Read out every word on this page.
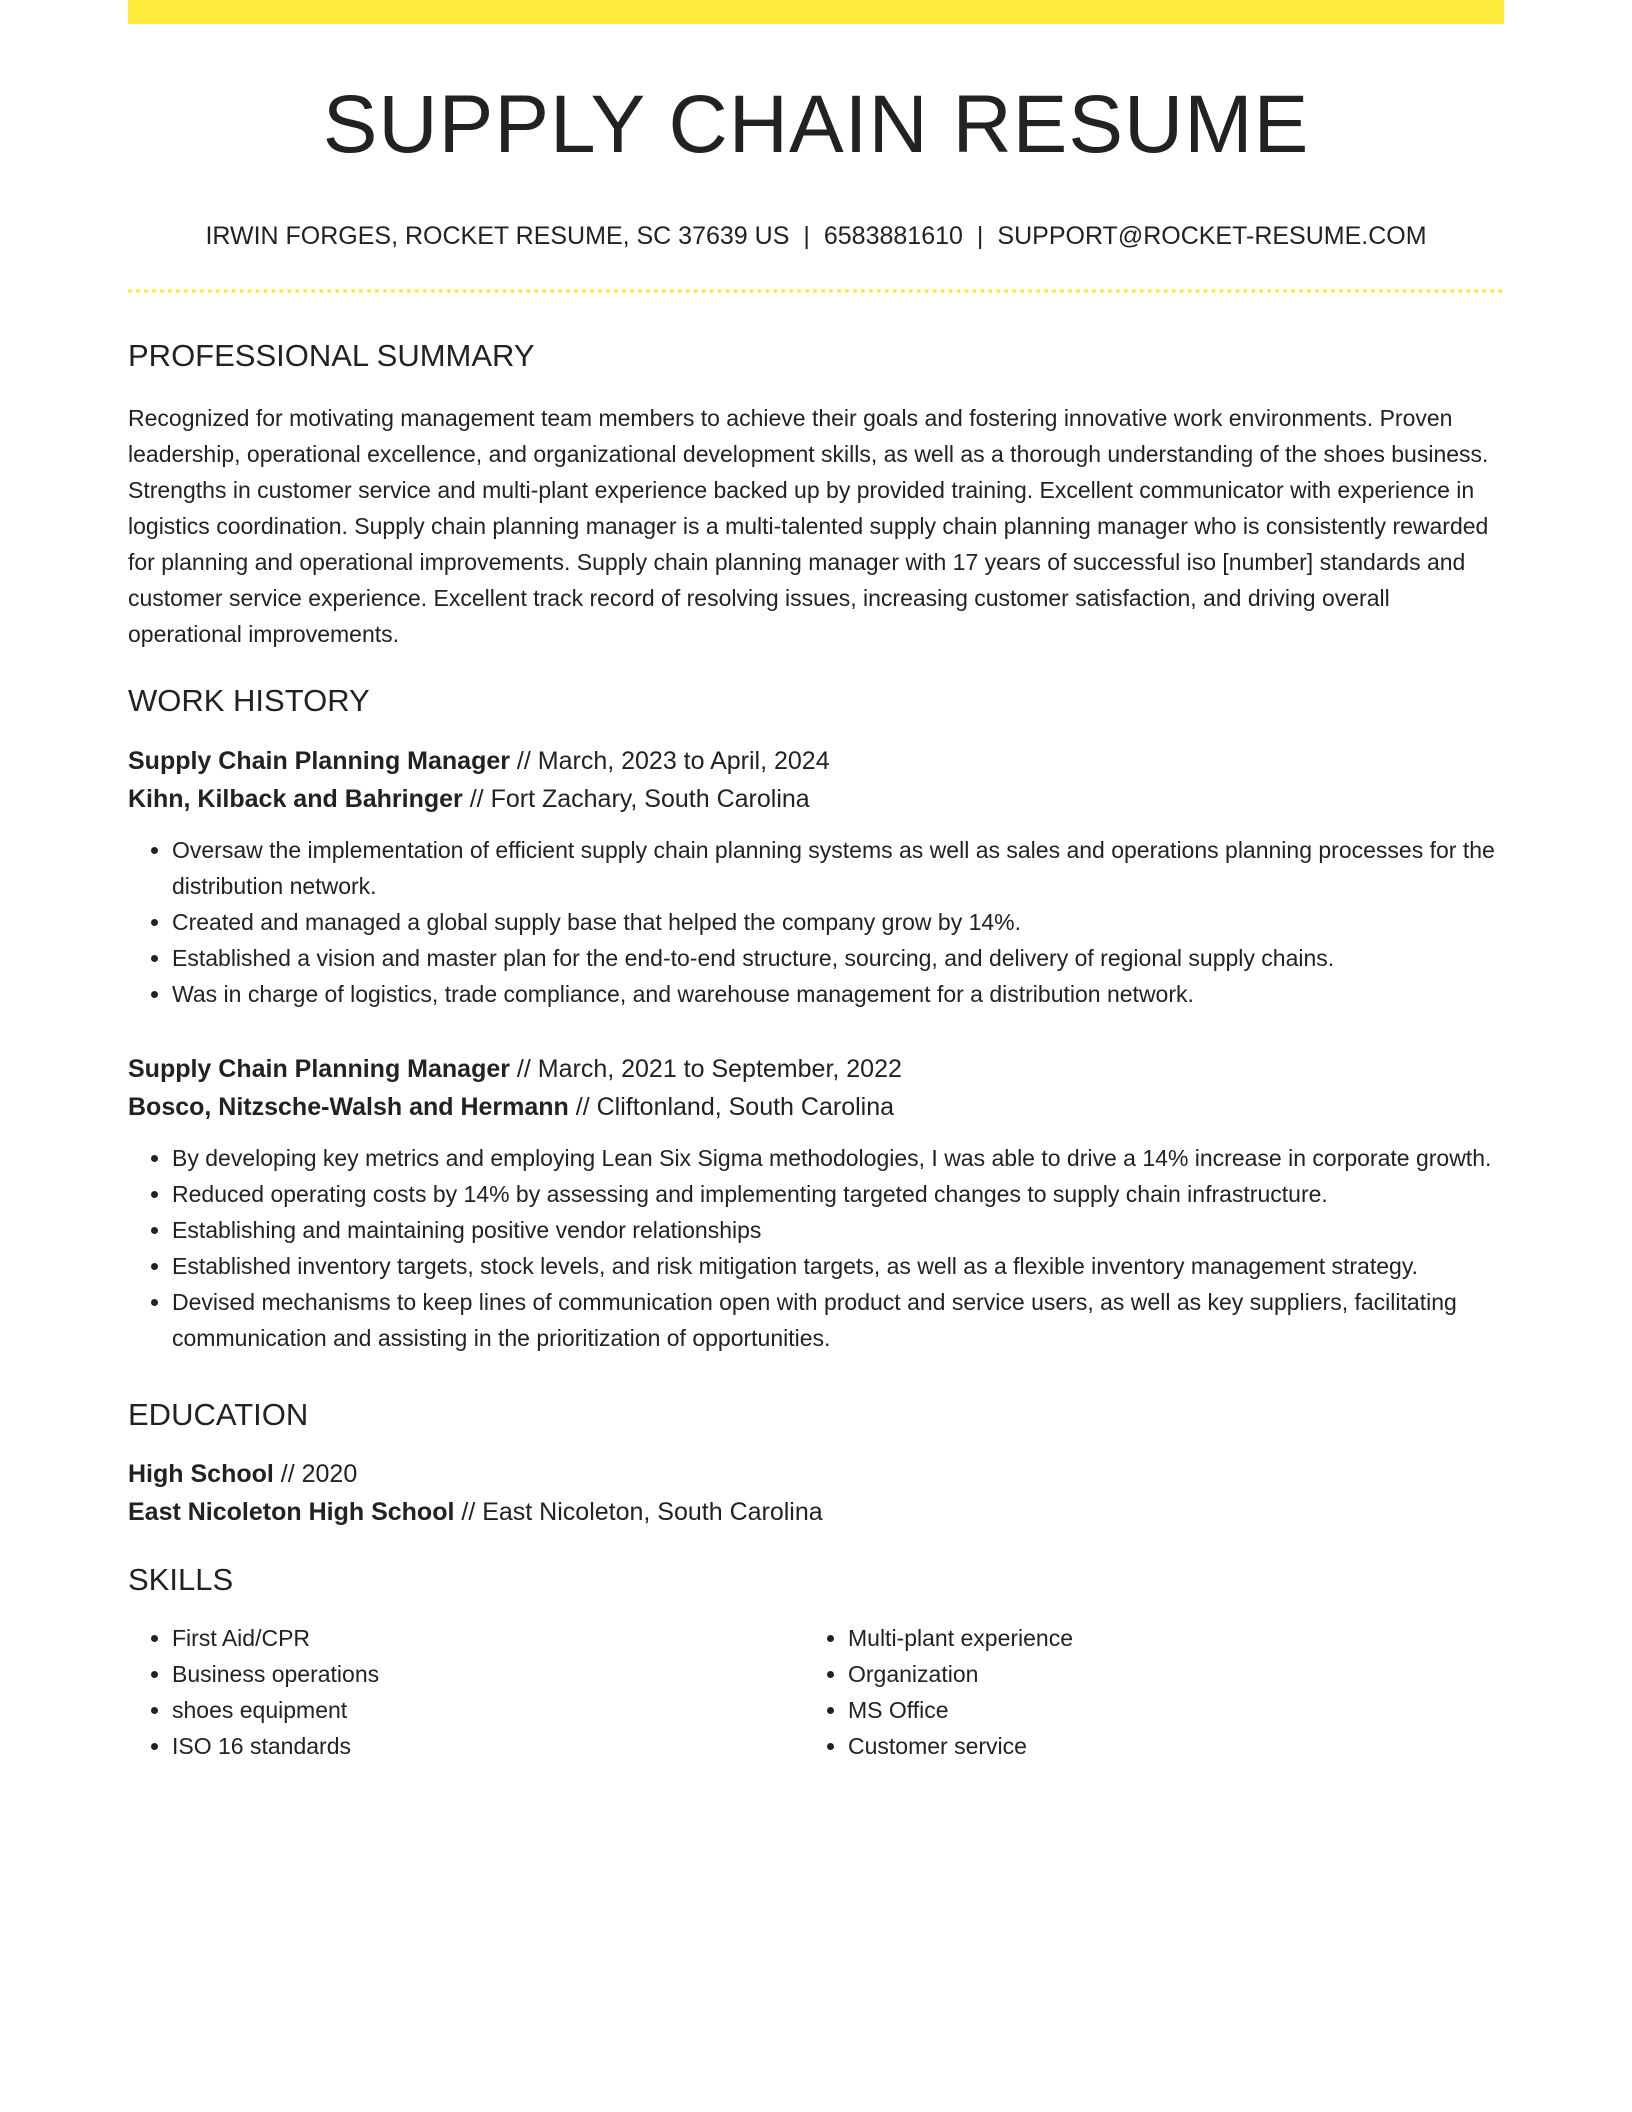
SUPPLY CHAIN RESUME
IRWIN FORGES, ROCKET RESUME, SC 37639 US | 6583881610 | SUPPORT@ROCKET-RESUME.COM
PROFESSIONAL SUMMARY

Recognized for motivating management team members to achieve their goals and fostering innovative work environments. Proven leadership, operational excellence, and organizational development skills, as well as a thorough understanding of the shoes business. Strengths in customer service and multi-plant experience backed up by provided training. Excellent communicator with experience in logistics coordination. Supply chain planning manager is a multi-talented supply chain planning manager who is consistently rewarded for planning and operational improvements. Supply chain planning manager with 17 years of successful iso [number] standards and customer service experience. Excellent track record of resolving issues, increasing customer satisfaction, and driving overall operational improvements.

WORK HISTORY
Supply Chain Planning Manager // March, 2023 to April, 2024
Kihn, Kilback and Bahringer // Fort Zachary, South Carolina
• Oversaw the implementation of efficient supply chain planning systems as well as sales and operations planning processes for the distribution network.
• Created and managed a global supply base that helped the company grow by 14%.
• Established a vision and master plan for the end-to-end structure, sourcing, and delivery of regional supply chains.
• Was in charge of logistics, trade compliance, and warehouse management for a distribution network.
Supply Chain Planning Manager // March, 2021 to September, 2022
Bosco, Nitzsche-Walsh and Hermann // Cliftonland, South Carolina
• By developing key metrics and employing Lean Six Sigma methodologies, I was able to drive a 14% increase in corporate growth.
• Reduced operating costs by 14% by assessing and implementing targeted changes to supply chain infrastructure.
• Establishing and maintaining positive vendor relationships
• Established inventory targets, stock levels, and risk mitigation targets, as well as a flexible inventory management strategy.
• Devised mechanisms to keep lines of communication open with product and service users, as well as key suppliers, facilitating communication and assisting in the prioritization of opportunities.
EDUCATION
High School // 2020
East Nicoleton High School // East Nicoleton, South Carolina
SKILLS
• First Aid/CPR
• Business operations
• shoes equipment
• ISO 16 standards
• Multi-plant experience
• Organization
• MS Office
• Customer service
